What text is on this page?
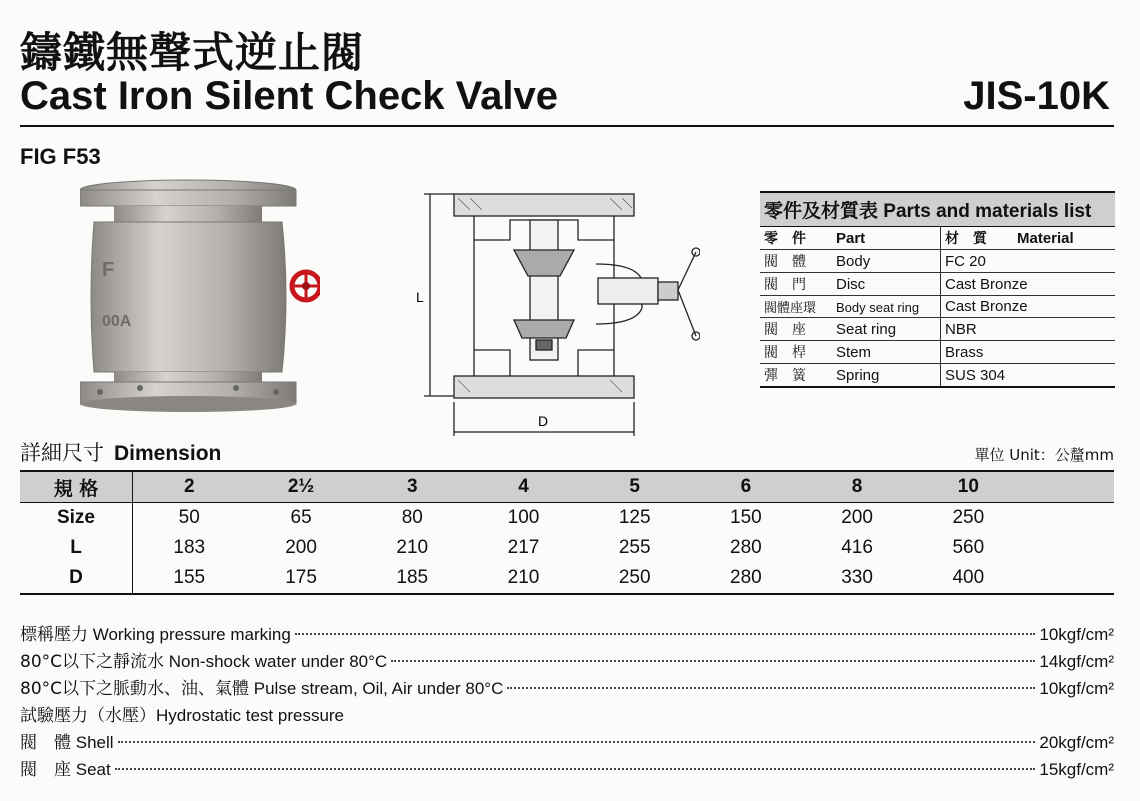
鑄鐵無聲式逆止閥
Cast Iron Silent Check Valve	JIS-10K
FIG F53
F
00A
L
D
零件及材質表 Parts and materials list	
零　件 Part	材　質 Material
閥　體 Body	FC 20
閥　門 Disc	Cast Bronze
閥體座環 Body seat ring	Cast Bronze
閥　座 Seat ring	NBR
閥　桿 Stem	Brass
彈　簧 Spring	SUS 304
詳細尺寸 Dimension	單位 Unit：公釐mm
規 格	2	2½	3	4	5	6	8	10	
Size	50	65	80	100	125	150	200	250	
L	183	200	210	217	255	280	416	560	
D	155	175	185	210	250	280	330	400	
標稱壓力 Working pressure marking	10kgf/cm²
80°C以下之靜流水 Non-shock water under 80°C	14kgf/cm²
80°C以下之脈動水、油、氣體 Pulse stream, Oil, Air under 80°C	10kgf/cm²
試驗壓力（水壓）Hydrostatic test pressure
閥　體 Shell	20kgf/cm²
閥　座 Seat	15kgf/cm²
